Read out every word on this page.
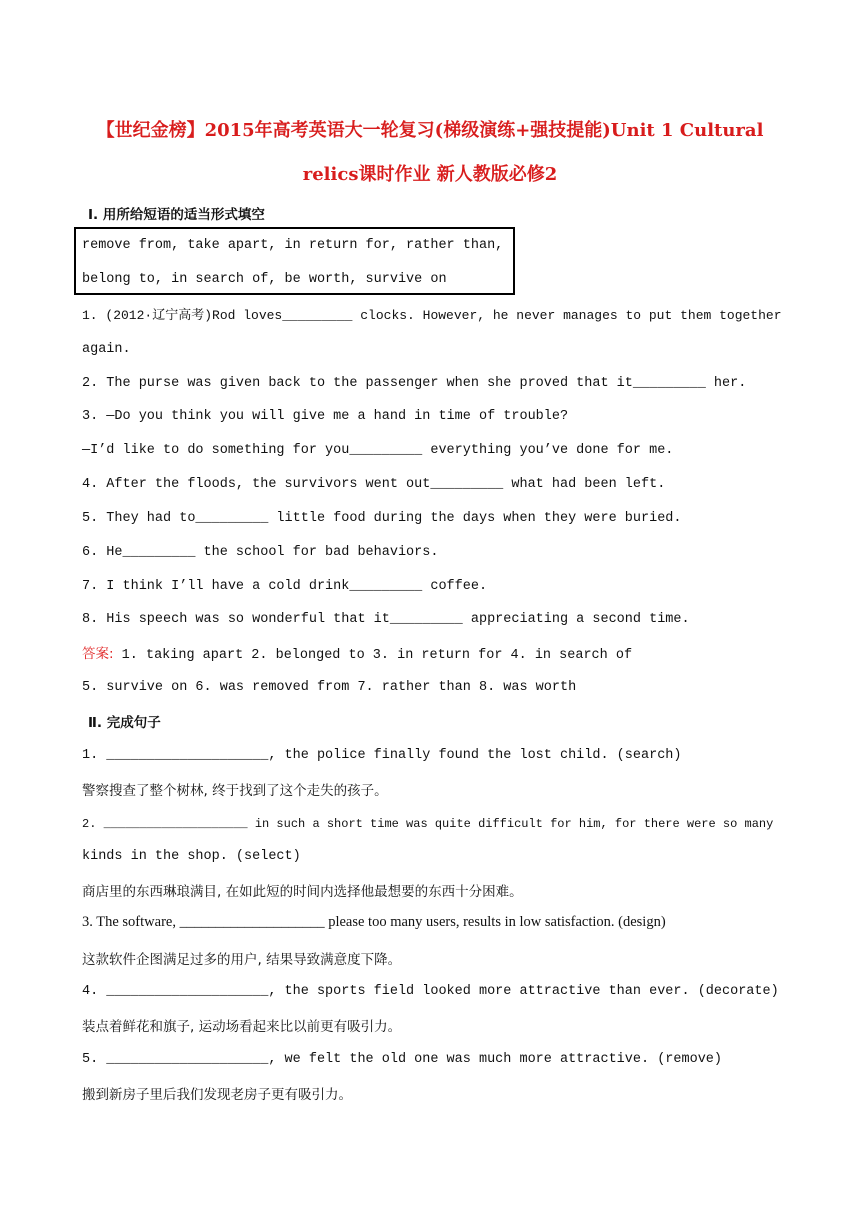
【世纪金榜】2015年高考英语大一轮复习(梯级演练+强技提能)Unit 1 Cultural
relics课时作业 新人教版必修2
Ⅰ. 用所给短语的适当形式填空
remove from, take apart, in return for, rather than,
belong to, in search of, be worth, survive on
1. (2012·辽宁高考)Rod loves_________ clocks. However, he never manages to put them together
again.
2. The purse was given back to the passenger when she proved that it_________ her.
3. —Do you think you will give me a hand in time of trouble?
—I’d like to do something for you_________ everything you’ve done for me.
4. After the floods, the survivors went out_________ what had been left.
5. They had to_________ little food during the days when they were buried.
6. He_________ the school for bad behaviors.
7. I think I’ll have a cold drink_________ coffee.
8. His speech was so wonderful that it_________ appreciating a second time.
答案: 1. taking apart 2. belonged to 3. in return for 4. in search of
5. survive on 6. was removed from 7. rather than 8. was worth
Ⅱ. 完成句子
1. ____________________, the police finally found the lost child. (search)
警察搜查了整个树林, 终于找到了这个走失的孩子。
2. ____________________ in such a short time was quite difficult for him, for there were so many
kinds in the shop. (select)
商店里的东西琳琅满目, 在如此短的时间内选择他最想要的东西十分困难。
3. The software, ____________________ please too many users, results in low satisfaction. (design)
这款软件企图满足过多的用户, 结果导致满意度下降。
4. ____________________, the sports field looked more attractive than ever. (decorate)
装点着鲜花和旗子, 运动场看起来比以前更有吸引力。
5. ____________________, we felt the old one was much more attractive. (remove)
搬到新房子里后我们发现老房子更有吸引力。
